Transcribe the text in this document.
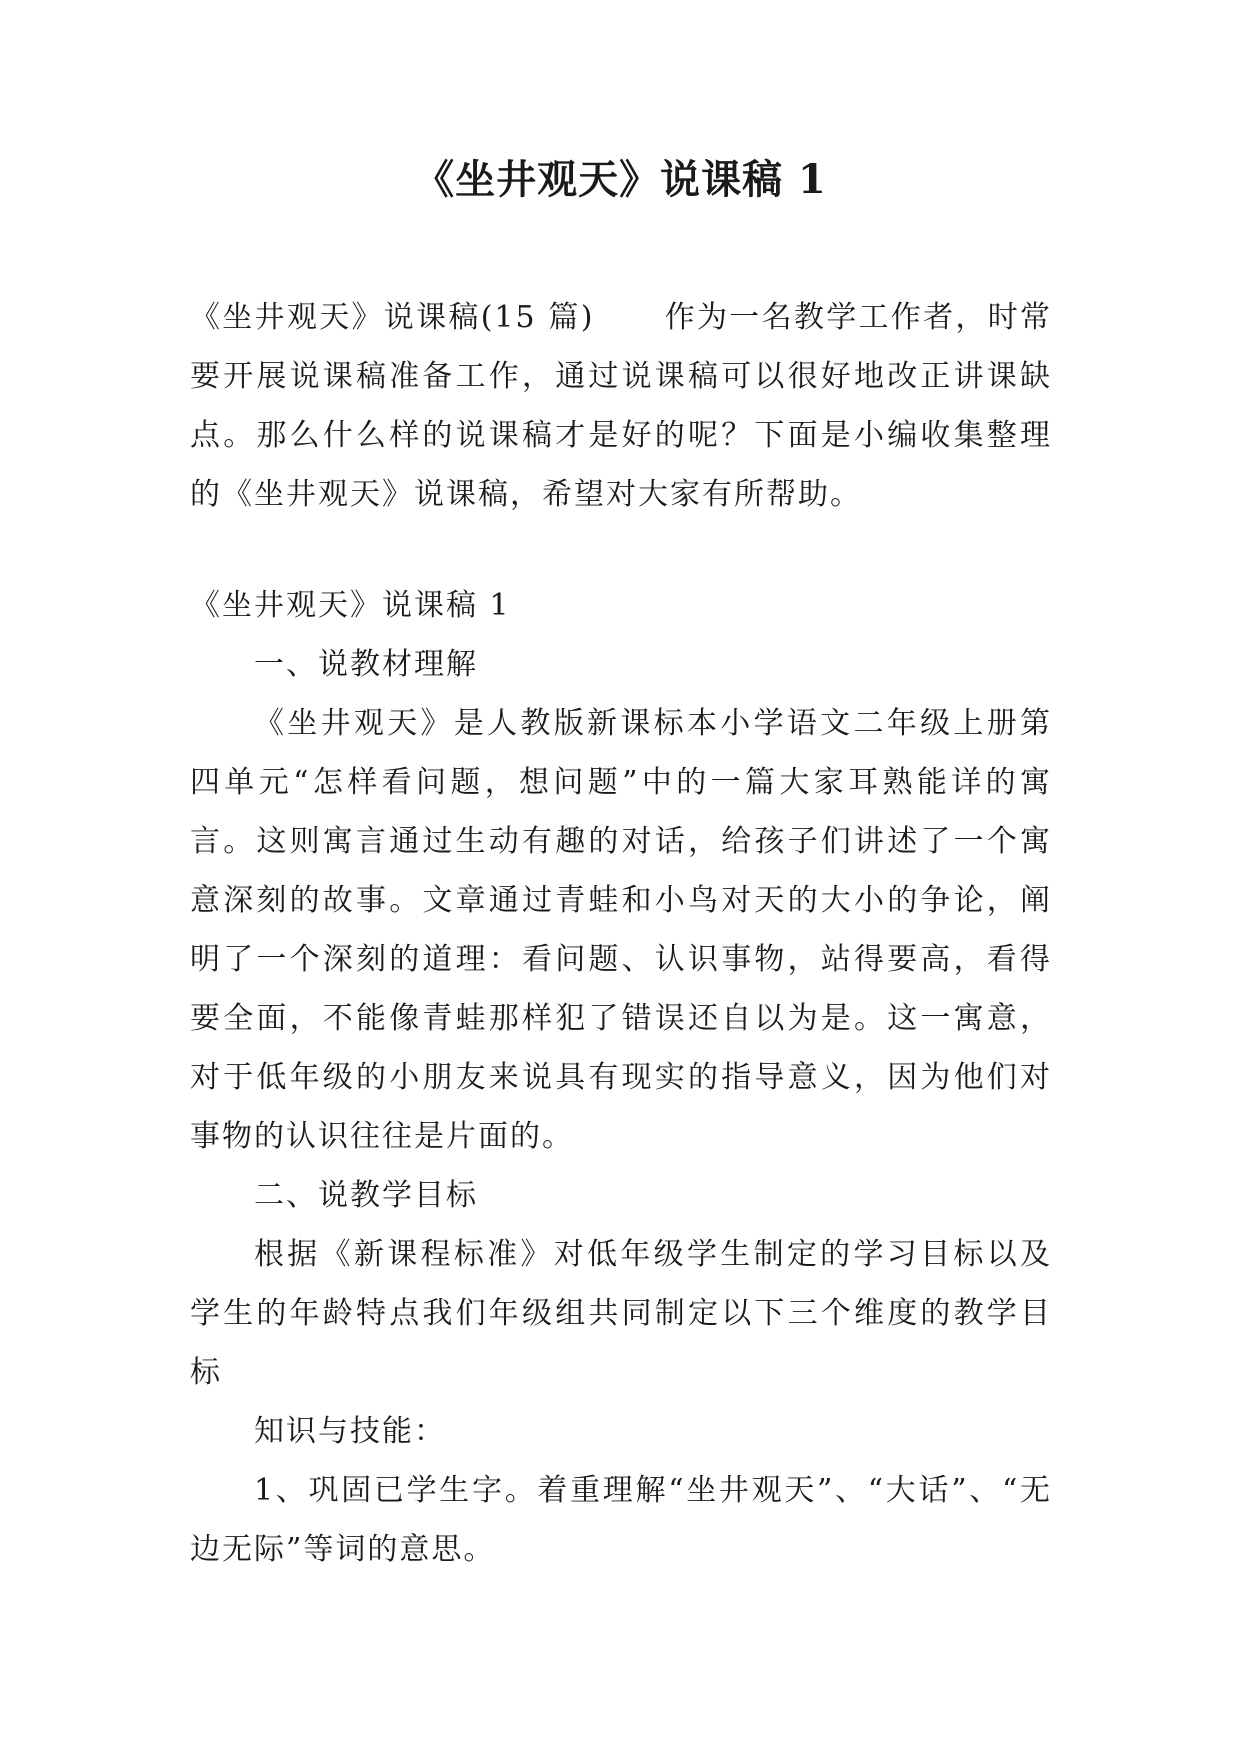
《坐井观天》说课稿 1
《坐井观天》说课稿(15 篇) 作为一名教学工作者，时常要开展说课稿准备工作，通过说课稿可以很好地改正讲课缺点。那么什么样的说课稿才是好的呢？下面是小编收集整理的《坐井观天》说课稿，希望对大家有所帮助。

《坐井观天》说课稿 1

一、说教材理解

《坐井观天》是人教版新课标本小学语文二年级上册第四单元“怎样看问题，想问题”中的一篇大家耳熟能详的寓言。这则寓言通过生动有趣的对话，给孩子们讲述了一个寓意深刻的故事。文章通过青蛙和小鸟对天的大小的争论，阐明了一个深刻的道理：看问题、认识事物，站得要高，看得要全面，不能像青蛙那样犯了错误还自以为是。这一寓意，对于低年级的小朋友来说具有现实的指导意义，因为他们对事物的认识往往是片面的。

二、说教学目标

根据《新课程标准》对低年级学生制定的学习目标以及学生的年龄特点我们年级组共同制定以下三个维度的教学目标

知识与技能：

1、巩固已学生字。着重理解“坐井观天”、“大话”、“无边无际”等词的意思。
